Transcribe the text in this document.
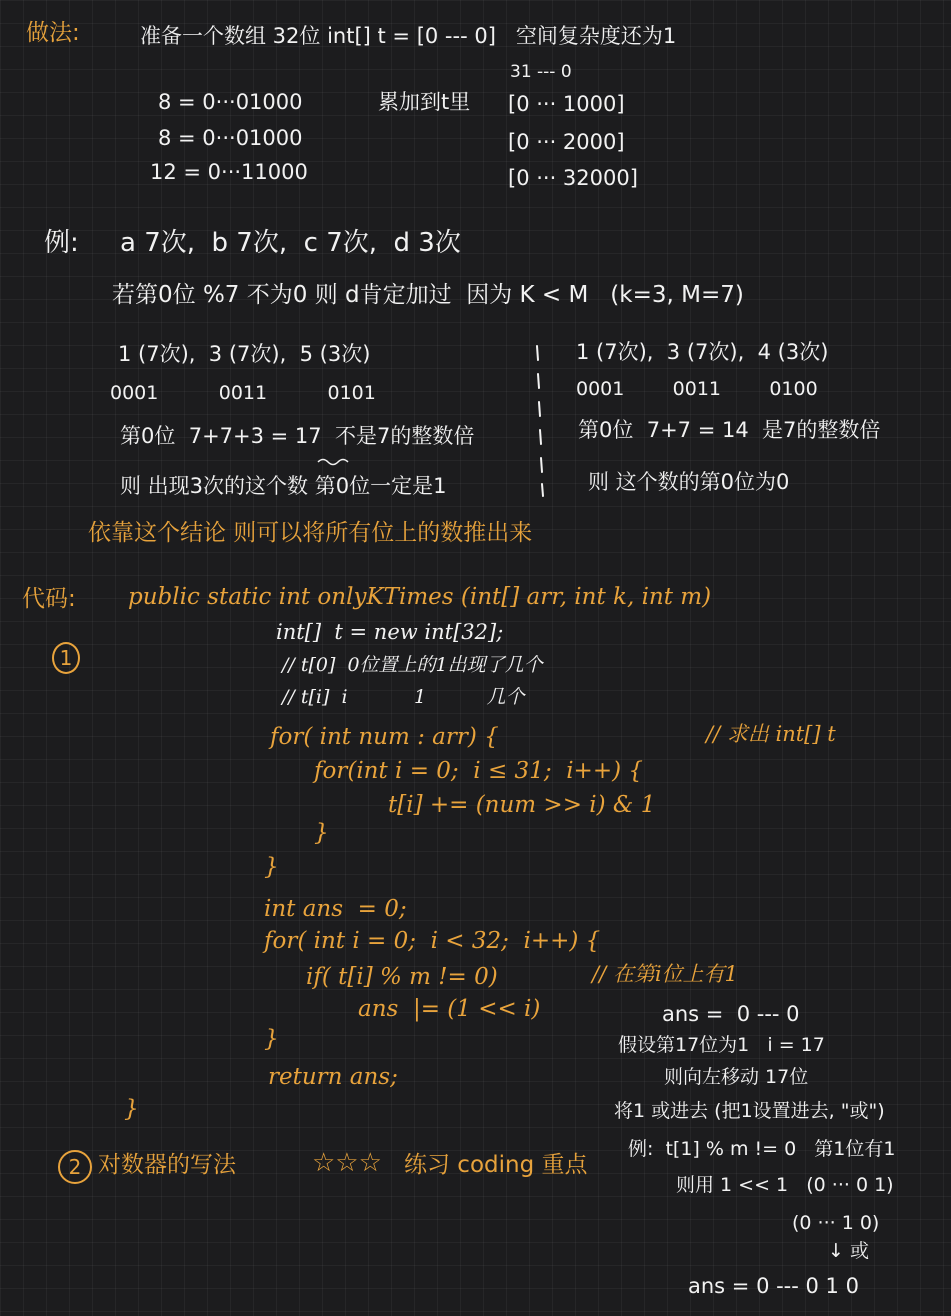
做法:	准备一个数组 32位 int[] t = [0 --- 0]   空间复杂度还为1
31 --- 0
8 = 0···01000	累加到t里 [0 ··· 1000]
8 = 0···01000	[0 ··· 2000]
12 = 0···11000	[0 ··· 32000]
例: a 7次,  b 7次,  c 7次,  d 3次
若第0位 %7 不为0 则 d肯定加过  因为 K < M   (k=3, M=7)
1 (7次),  3 (7次),  5 (3次)
0001          0011          0101
第0位  7+7+3 = 17  不是7的整数倍
则 出现3次的这个数 第0位一定是1
1 (7次),  3 (7次),  4 (3次)
0001        0011        0100
第0位  7+7 = 14  是7的整数倍
则 这个数的第0位为0
依靠这个结论 则可以将所有位上的数推出来
代码: public static int onlyKTimes (int[] arr, int k, int m)
1
int[]  t = new int[32];
// t[0]  0位置上的1出现了几个
// t[i]  i           1          几个
for( int num : arr) {	// 求出 int[] t
for(int i = 0;  i ≤ 31;  i++) {
t[i] += (num >> i) & 1
}
}
int ans  = 0;
for( int i = 0;  i < 32;  i++) {
if( t[i] % m != 0)	// 在第i位上有1
ans  |= (1 << i)
}
return ans;
}
ans =  0 --- 0
假设第17位为1   i = 17
则向左移动 17位
将1 或进去 (把1设置进去, "或")
例:  t[1] % m != 0   第1位有1
则用 1 << 1   (0 ··· 0 1)
(0 ··· 1 0)
↓ 或
ans = 0 --- 0 1 0
2 对数器的写法	☆☆☆ 练习 coding 重点
